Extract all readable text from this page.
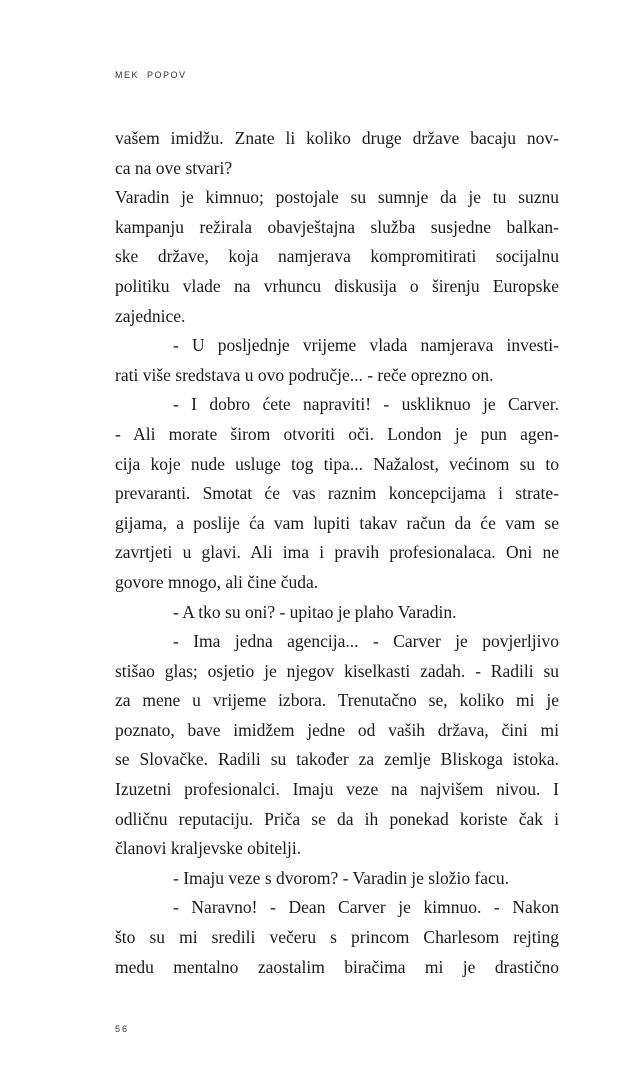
MEK POPOV
vašem imidžu. Znate li koliko druge države bacaju nov-
ca na ove stvari?
Varadin je kimnuo; postojale su sumnje da je tu suznu
kampanju režirala obavještajna služba susjedne balkan-
ske države, koja namjerava kompromitirati socijalnu
politiku vlade na vrhuncu diskusija o širenju Europske
zajednice.
- U posljednje vrijeme vlada namjerava investi-
rati više sredstava u ovo područje... - reče oprezno on.
- I dobro ćete napraviti! - uskliknuo je Carver.
- Ali morate širom otvoriti oči. London je pun agen-
cija koje nude usluge tog tipa... Nažalost, većinom su to
prevaranti. Smotat će vas raznim koncepcijama i strate-
gijama, a poslije ća vam lupiti takav račun da će vam se
zavrtjeti u glavi. Ali ima i pravih profesionalaca. Oni ne
govore mnogo, ali čine čuda.
- A tko su oni? - upitao je plaho Varadin.
- Ima jedna agencija... - Carver je povjerljivo
stišao glas; osjetio je njegov kiselkasti zadah. - Radili su
za mene u vrijeme izbora. Trenutačno se, koliko mi je
poznato, bave imidžem jedne od vaših država, čini mi
se Slovačke. Radili su također za zemlje Bliskoga istoka.
Izuzetni profesionalci. Imaju veze na najvišem nivou. I
odličnu reputaciju. Priča se da ih ponekad koriste čak i
članovi kraljevske obitelji.
- Imaju veze s dvorom? - Varadin je složio facu.
- Naravno! - Dean Carver je kimnuo. - Nakon
što su mi sredili večeru s princom Charlesom rejting
medu mentalno zaostalim biračima mi je drastično
56
